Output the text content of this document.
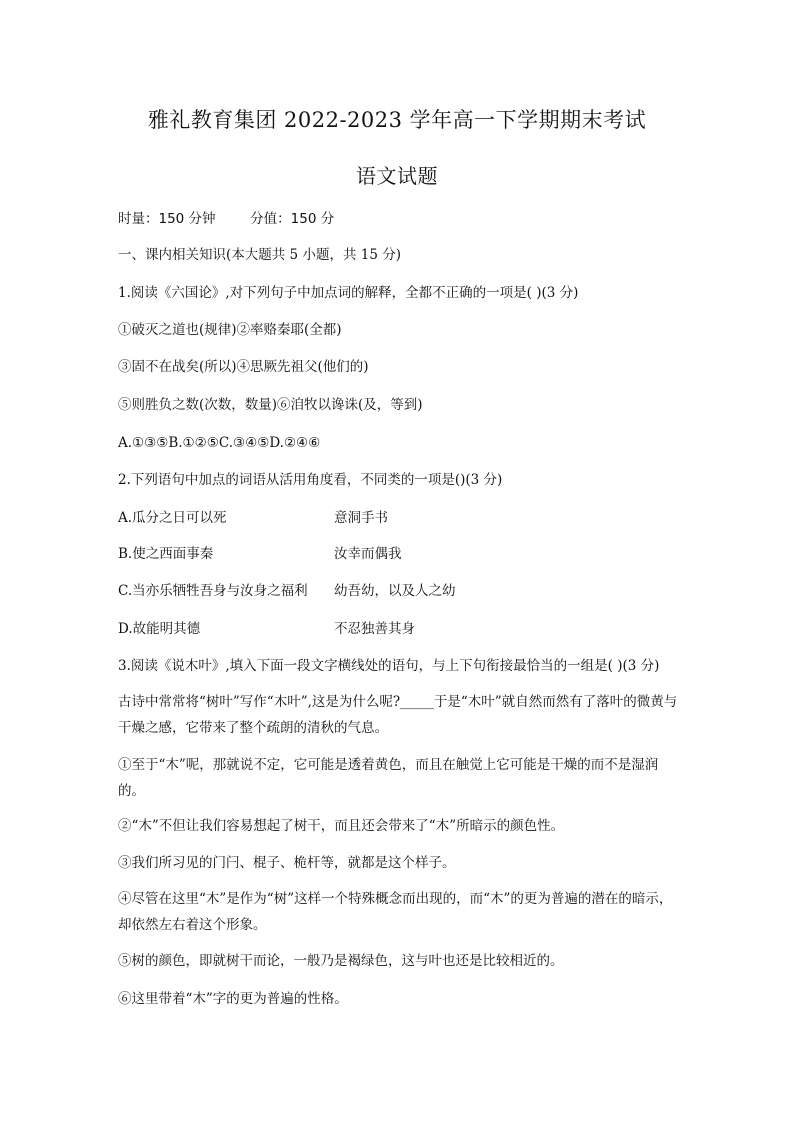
雅礼教育集团 2022-2023 学年高一下学期期末考试
语文试题
时量：150 分钟	分值：150 分
一、课内相关知识(本大题共 5 小题，共 15 分)
1.阅读《六国论》,对下列句子中加点词的解释，全都不正确的一项是( )(3 分)
①破灭之道也(规律)②率赂秦耶(全都)
③固不在战矣(所以)④思厥先祖父(他们的)
⑤则胜负之数(次数，数量)⑥洎牧以谗诛(及，等到)
A.①③⑤B.①②⑤C.③④⑤D.②④⑥
2.下列语句中加点的词语从活用角度看，不同类的一项是()(3 分)
A.瓜分之日可以死	意洞手书
B.使之西面事秦	汝幸而偶我
C.当亦乐牺牲吾身与汝身之福利 幼吾幼，以及人之幼
D.故能明其德	不忍独善其身
3.阅读《说木叶》,填入下面一段文字横线处的语句，与上下句衔接最恰当的一组是( )(3 分)
古诗中常常将“树叶”写作“木叶”,这是为什么呢?_____于是“木叶”就自然而然有了落叶的微黄与干燥之感，它带来了整个疏朗的清秋的气息。
①至于“木”呢，那就说不定，它可能是透着黄色，而且在触觉上它可能是干燥的而不是湿润的。
②“木”不但让我们容易想起了树干，而且还会带来了“木”所暗示的颜色性。
③我们所习见的门闩、棍子、桅杆等，就都是这个样子。
④尽管在这里“木”是作为“树”这样一个特殊概念而出现的，而“木”的更为普遍的潜在的暗示，却依然左右着这个形象。
⑤树的颜色，即就树干而论，一般乃是褐绿色，这与叶也还是比较相近的。
⑥这里带着“木”字的更为普遍的性格。
